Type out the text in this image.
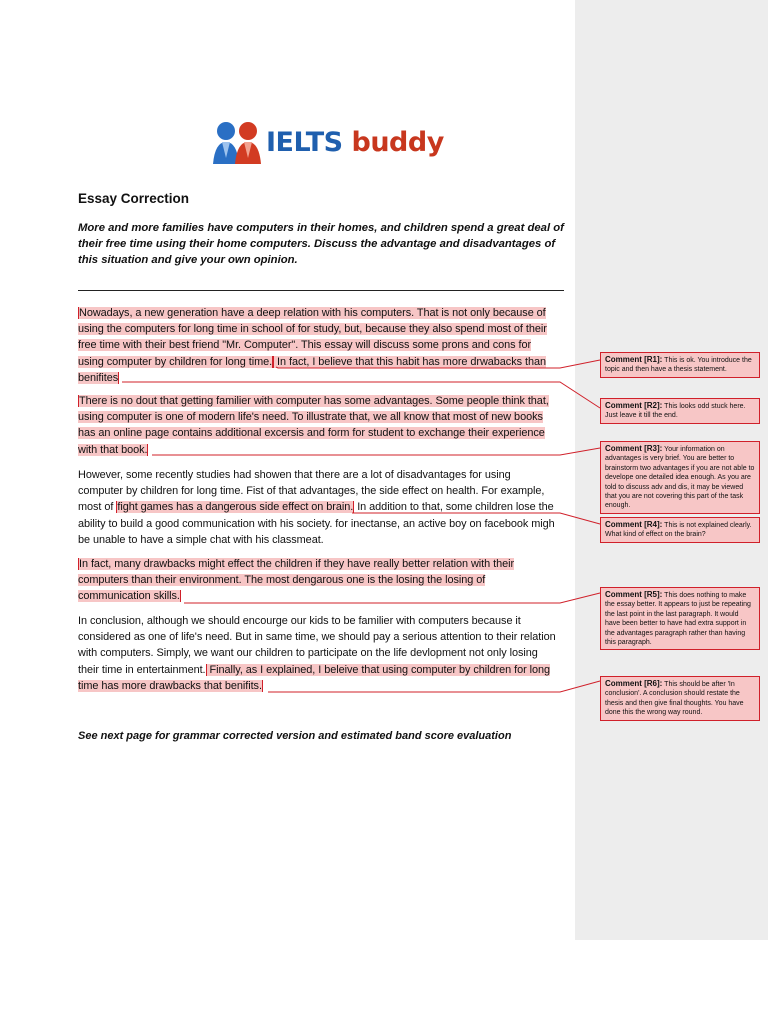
IELTS buddy
Essay Correction
More and more families have computers in their homes, and children spend a great deal of their free time using their home computers. Discuss the advantage and disadvantages of this situation and give your own opinion.
Nowadays, a new generation have a deep relation with his computers. That is not only because of
using the computers for long time in school of for study, but, because they also spend most of their
free time with their best friend "Mr. Computer". This essay will discuss some prons and cons for
using computer by children for long time. In fact, I believe that this habit has more drwabacks than
benifites
There is no dout that getting familier with computer has some advantages. Some people think that,
using computer is one of modern life's need. To illustrate that, we all know that most of new books
has an online page contains additional excersis and form for student to exchange their experience
with that book.
However, some recently studies had showen that there are a lot of disadvantages for using
computer by children for long time. Fist of that advantages, the side effect on health. For example,
most of fight games has a dangerous side effect on brain. In addition to that, some children lose the
ability to build a good communication with his society. for inectanse, an active boy on facebook migh
be unable to have a simple chat with his classmeat.
In fact, many drawbacks might effect the children if they have really better relation with their
computers than their environment. The most dengarous one is the losing the losing of
communication skills.
In conclusion, although we should encourge our kids to be familier with computers because it
considered as one of life's need. But in same time, we should pay a serious attention to their relation
with computers. Simply, we want our children to participate on the life devlopment not only losing
their time in entertainment. Finally, as I explained, I beleive that using computer by children for long
time has more drawbacks that benifits.
See next page for grammar corrected version and estimated band score evaluation
Comment [R1]: This is ok. You introduce the topic and then have a thesis statement.
Comment [R2]: This looks odd stuck here. Just leave it till the end.
Comment [R3]: Your information on advantages is very brief. You are better to brainstorm two advantages if you are not able to develope one detailed idea enough. As you are told to discuss adv and dis, it may be viewed that you are not covering this part of the task enough.
Comment [R4]: This is not explained clearly. What kind of effect on the brain?
Comment [R5]: This does nothing to make the essay better. It appears to just be repeating the last point in the last paragraph. It would have been better to have had extra support in the advantages paragraph rather than having this paragraph.
Comment [R6]: This should be after 'In conclusion'. A conclusion should restate the thesis and then give final thoughts. You have done this the wrong way round.
